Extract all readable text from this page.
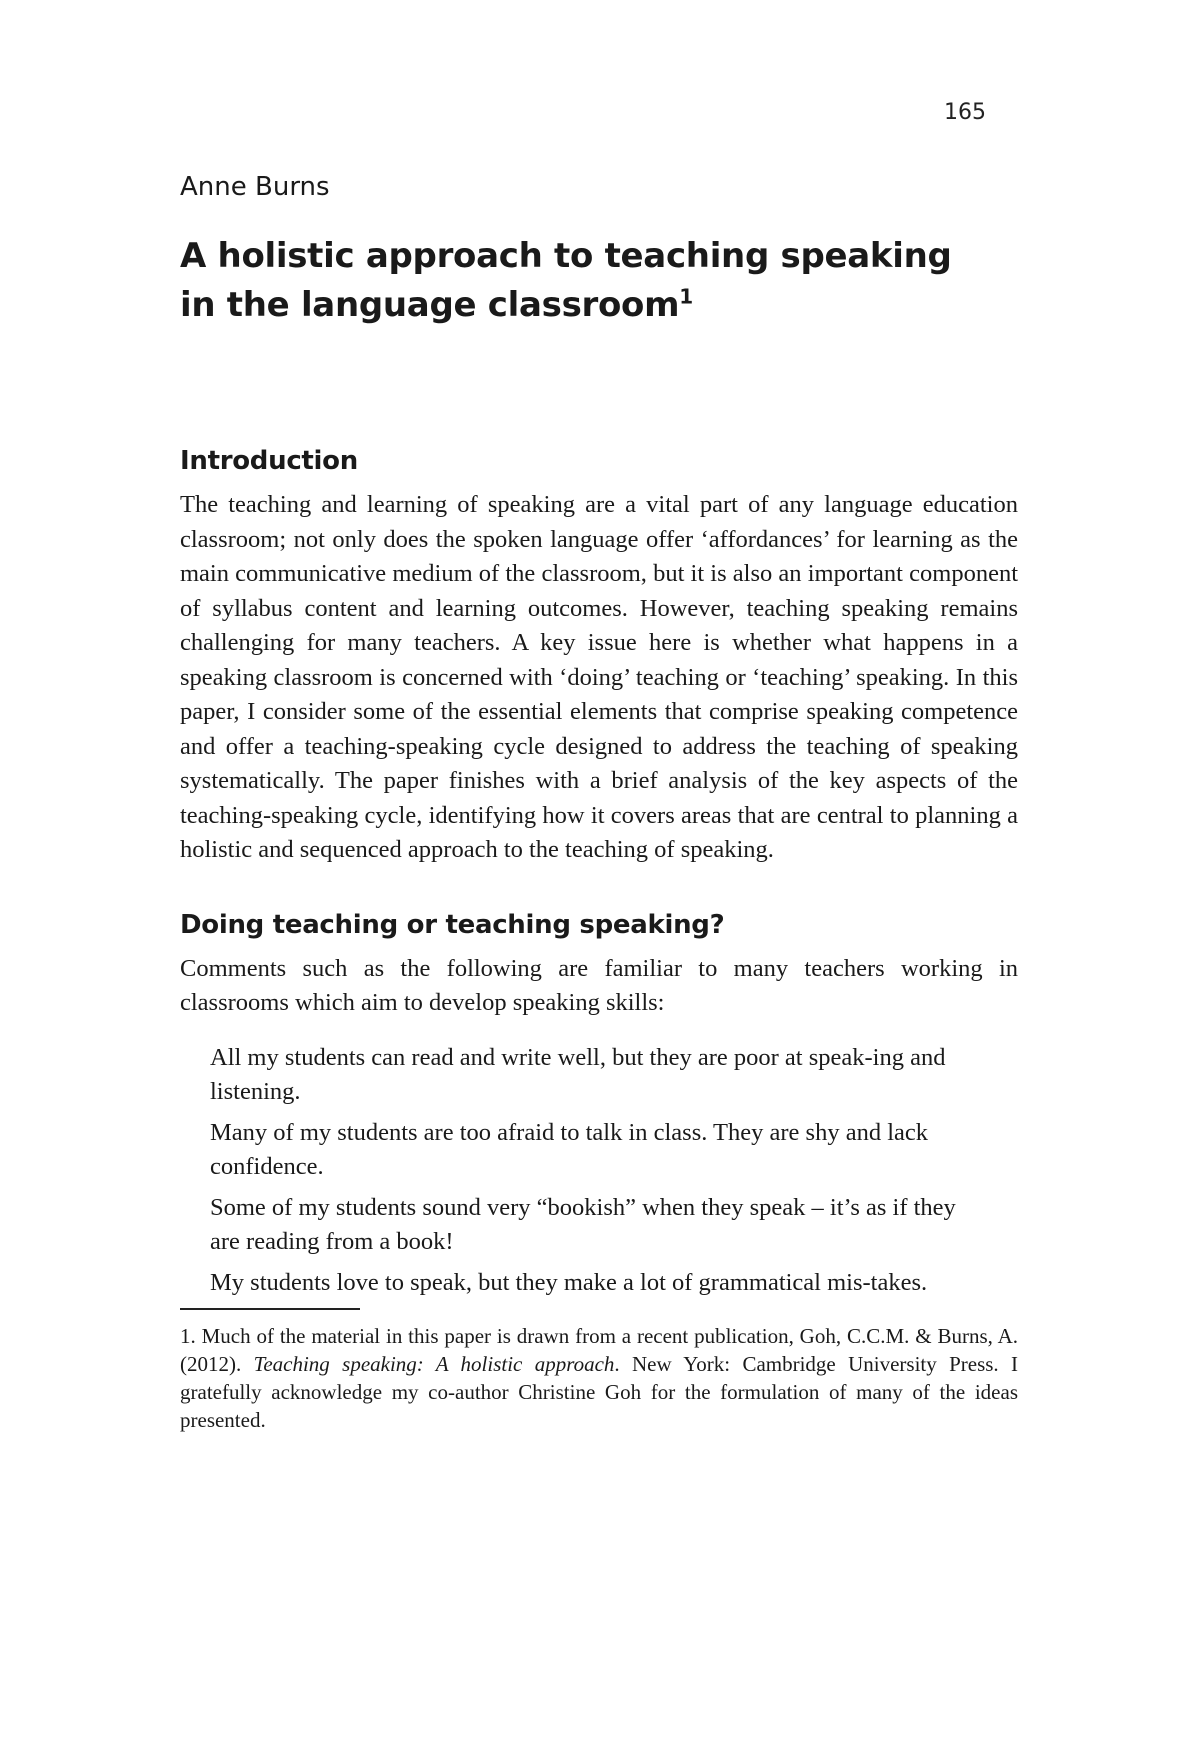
165
Anne Burns
A holistic approach to teaching speaking
in the language classroom$^1$
Introduction

The teaching and learning of speaking are a vital part of any language education classroom; not only does the spoken language offer ‘affordances’ for learning as the main communicative medium of the classroom, but it is also an important component of syllabus content and learning outcomes. However, teaching speaking remains challenging for many teachers. A key issue here is whether what happens in a speaking classroom is concerned with ‘doing’ teaching or ‘teaching’ speaking. In this paper, I consider some of the essential elements that comprise speaking competence and offer a teaching-speaking cycle designed to address the teaching of speaking systematically. The paper finishes with a brief analysis of the key aspects of the teaching-speaking cycle, identifying how it covers areas that are central to planning a holistic and sequenced approach to the teaching of speaking.

Doing teaching or teaching speaking?

Comments such as the following are familiar to many teachers working in classrooms which aim to develop speaking skills:

All my students can read and write well, but they are poor at speak-ing and listening.

Many of my students are too afraid to talk in class. They are shy and lack confidence.

Some of my students sound very “bookish” when they speak – it’s as if they are reading from a book!

My students love to speak, but they make a lot of grammatical mis-takes.

1. Much of the material in this paper is drawn from a recent publication, Goh, C.C.M. & Burns, A. (2012). Teaching speaking: A holistic approach. New York: Cambridge University Press. I gratefully acknowledge my co-author Christine Goh for the formulation of many of the ideas presented.
